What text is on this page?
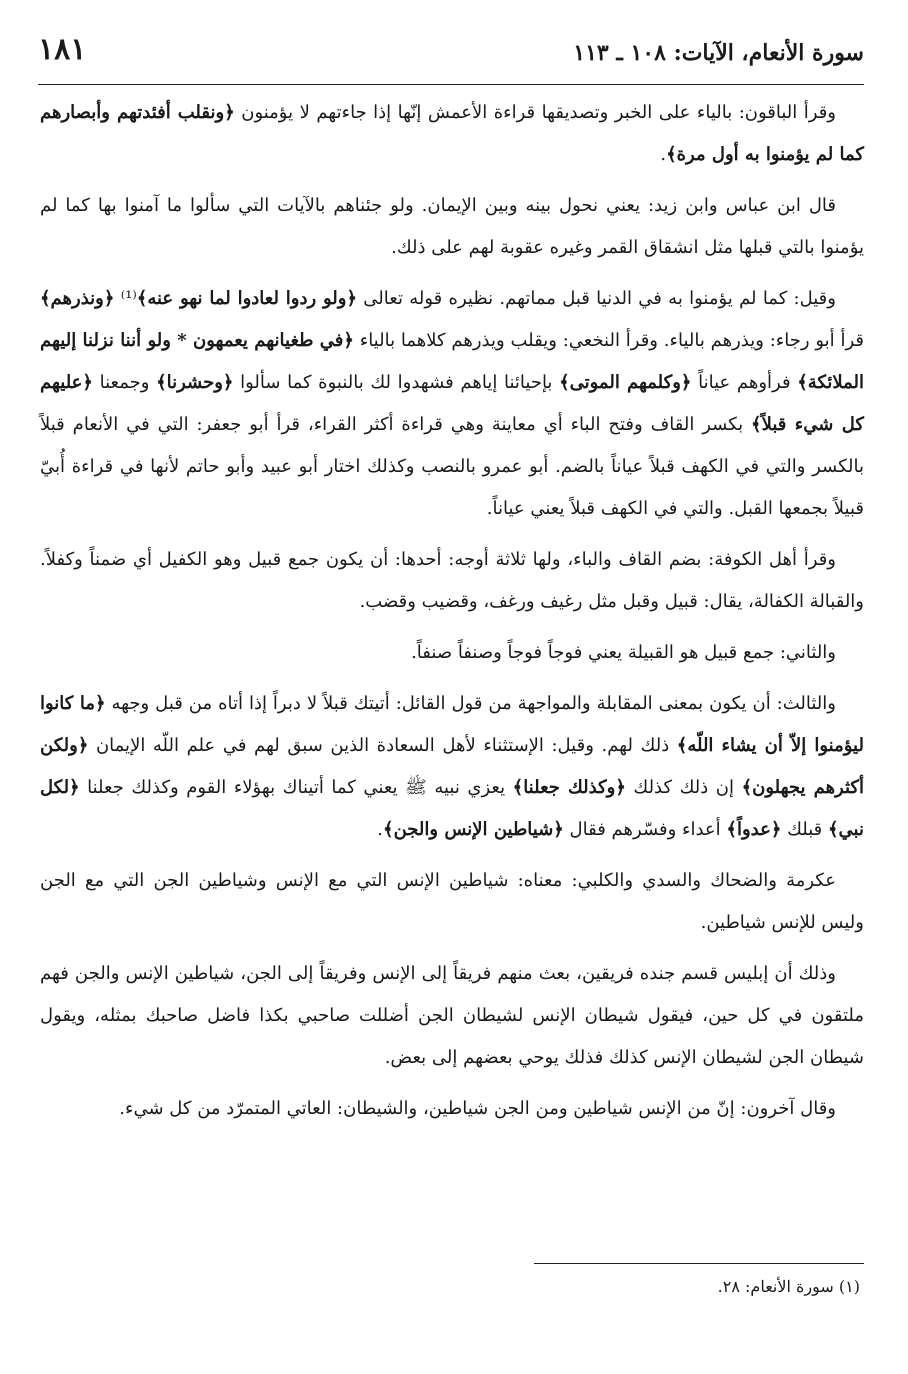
سورة الأنعام، الآيات: ١٠٨ ـ ١١٣
١٨١

وقرأ الباقون: بالياء على الخبر وتصديقها قراءة الأعمش إنّها إذا جاءتهم لا يؤمنون ﴿ونقلب أفئدتهم وأبصارهم كما لم يؤمنوا به أول مرة﴾.

قال ابن عباس وابن زيد: يعني نحول بينه وبين الإيمان. ولو جئناهم بالآيات التي سألوا ما آمنوا بها كما لم يؤمنوا بالتي قبلها مثل انشقاق القمر وغيره عقوبة لهم على ذلك.

وقيل: كما لم يؤمنوا به في الدنيا قبل مماتهم. نظيره قوله تعالى ﴿ولو ردوا لعادوا لما نهو عنه﴾⁽¹⁾ ﴿ونذرهم﴾ قرأ أبو رجاء: ويذرهم بالياء. وقرأ النخعي: ويقلب ويذرهم كلاهما بالياء ﴿في طغيانهم يعمهون * ولو أننا نزلنا إليهم الملائكة﴾ فرأوهم عياناً ﴿وكلمهم الموتى﴾ بإحيائنا إياهم فشهدوا لك بالنبوة كما سألوا ﴿وحشرنا﴾ وجمعنا ﴿عليهم كل شيء قبلاً﴾ بكسر القاف وفتح الباء أي معاينة وهي قراءة أكثر القراء، قرأ أبو جعفر: التي في الأنعام قبلاً بالكسر والتي في الكهف قبلاً عياناً بالضم. أبو عمرو بالنصب وكذلك اختار أبو عبيد وأبو حاتم لأنها في قراءة أُبيّ قبيلاً بجمعها القبل. والتي في الكهف قبلاً يعني عياناً.

وقرأ أهل الكوفة: بضم القاف والباء، ولها ثلاثة أوجه: أحدها: أن يكون جمع قبيل وهو الكفيل أي ضمناً وكفلاً. والقبالة الكفالة، يقال: قبيل وقبل مثل رغيف ورغف، وقضيب وقضب.

والثاني: جمع قبيل هو القبيلة يعني فوجاً فوجاً وصنفاً صنفاً.

والثالث: أن يكون بمعنى المقابلة والمواجهة من قول القائل: أتيتك قبلاً لا دبراً إذا أتاه من قبل وجهه ﴿ما كانوا ليؤمنوا إلاّ أن يشاء اللّه﴾ ذلك لهم. وقيل: الإستثناء لأهل السعادة الذين سبق لهم في علم اللّه الإيمان ﴿ولكن أكثرهم يجهلون﴾ إن ذلك كذلك ﴿وكذلك جعلنا﴾ يعزي نبيه ﷺ يعني كما أتيناك بهؤلاء القوم وكذلك جعلنا ﴿لكل نبي﴾ قبلك ﴿عدواً﴾ أعداء وفسّرهم فقال ﴿شياطين الإنس والجن﴾.

عكرمة والضحاك والسدي والكلبي: معناه: شياطين الإنس التي مع الإنس وشياطين الجن التي مع الجن وليس للإنس شياطين.

وذلك أن إبليس قسم جنده فريقين، بعث منهم فريقاً إلى الإنس وفريقاً إلى الجن، شياطين الإنس والجن فهم ملتقون في كل حين، فيقول شيطان الإنس لشيطان الجن أضللت صاحبي بكذا فاضل صاحبك بمثله، ويقول شيطان الجن لشيطان الإنس كذلك فذلك يوحي بعضهم إلى بعض.

وقال آخرون: إنّ من الإنس شياطين ومن الجن شياطين، والشيطان: العاتي المتمرّد من كل شيء.

(١) سورة الأنعام: ٢٨.
